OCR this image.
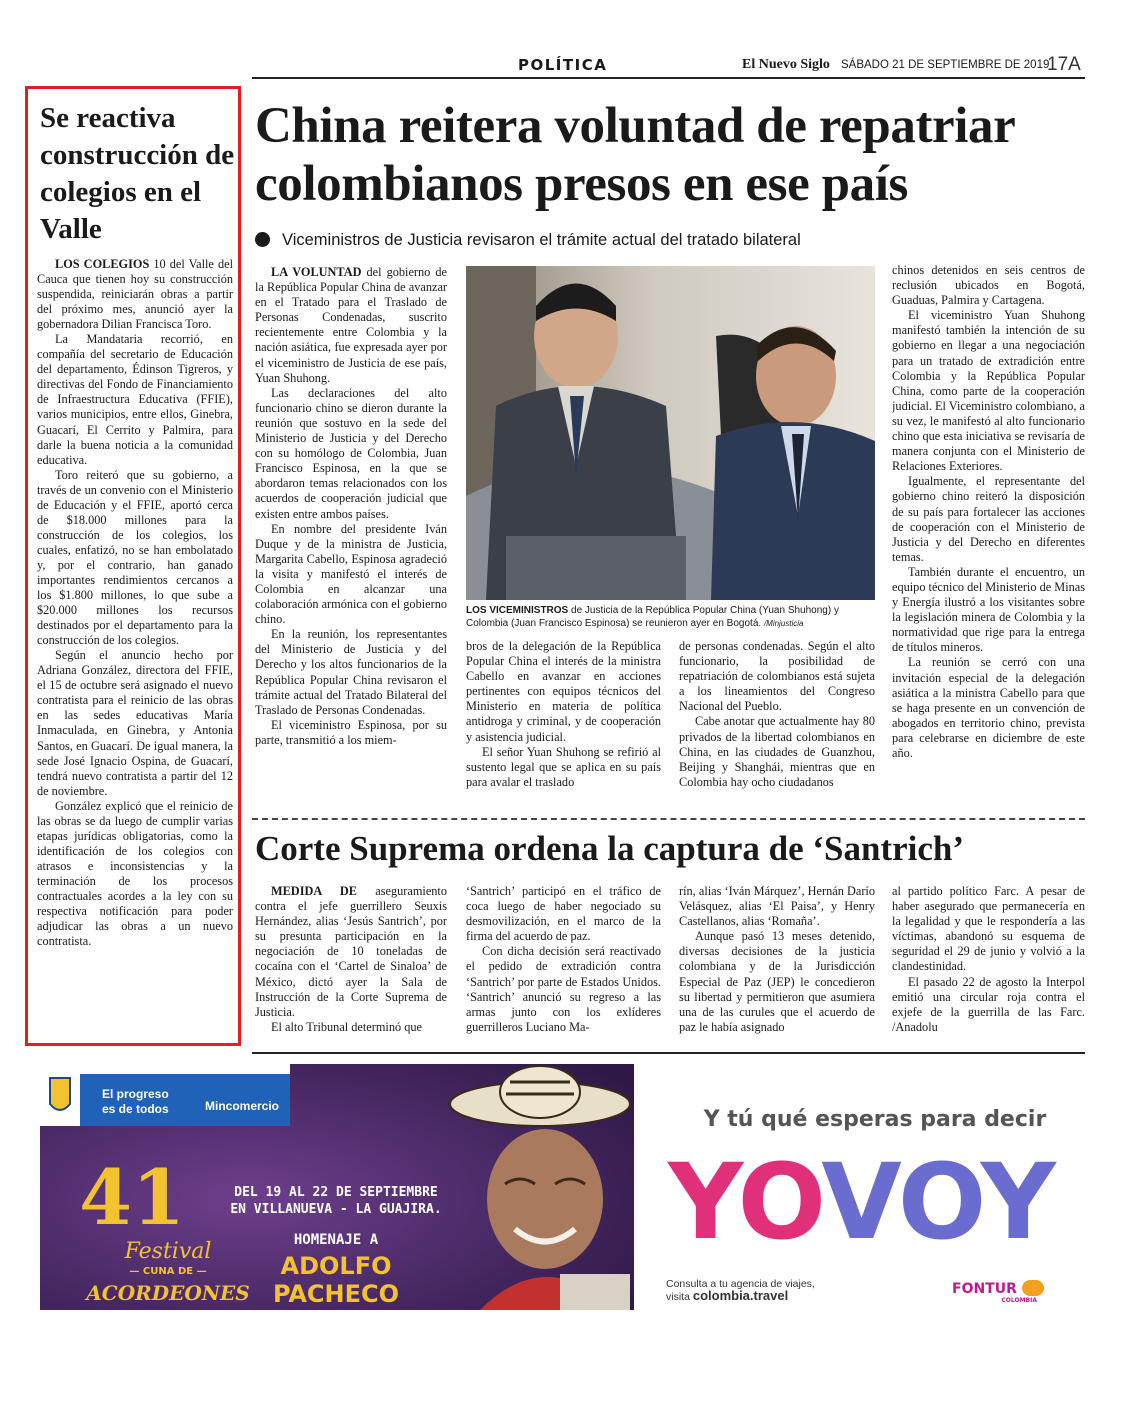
POLÍTICA	El Nuevo Siglo SÁBADO 21 DE SEPTIEMBRE DE 2019
17A
Se reactiva construcción de colegios en el Valle

LOS COLEGIOS 10 del Valle del Cauca que tienen hoy su construcción suspendida, reiniciarán obras a partir del próximo mes, anunció ayer la gobernadora Dilian Francisca Toro.

La Mandataria recorrió, en compañía del secretario de Educación del departamento, Édinson Tigreros, y directivas del Fondo de Financiamiento de Infraestructura Educativa (FFIE), varios municipios, entre ellos, Ginebra, Guacarí, El Cerrito y Palmira, para darle la buena noticia a la comunidad educativa.

Toro reiteró que su gobierno, a través de un convenio con el Ministerio de Educación y el FFIE, aportó cerca de $18.000 millones para la construcción de los colegios, los cuales, enfatizó, no se han embolatado y, por el contrario, han ganado importantes rendimientos cercanos a los $1.800 millones, lo que sube a $20.000 millones los recursos destinados por el departamento para la construcción de los colegios.

Según el anuncio hecho por Adriana González, directora del FFIE, el 15 de octubre será asignado el nuevo contratista para el reinicio de las obras en las sedes educativas María Inmaculada, en Ginebra, y Antonia Santos, en Guacarí. De igual manera, la sede José Ignacio Ospina, de Guacarí, tendrá nuevo contratista a partir del 12 de noviembre.

González explicó que el reinicio de las obras se da luego de cumplir varias etapas jurídicas obligatorias, como la identificación de los colegios con atrasos e inconsistencias y la terminación de los procesos contractuales acordes a la ley con su respectiva notificación para poder adjudicar las obras a un nuevo contratista.

China reitera voluntad de repatriar colombianos presos en ese país
Viceministros de Justicia revisaron el trámite actual del tratado bilateral

LA VOLUNTAD del gobierno de la República Popular China de avanzar en el Tratado para el Traslado de Personas Condenadas, suscrito recientemente entre Colombia y la nación asiática, fue expresada ayer por el viceministro de Justicia de ese país, Yuan Shuhong.

Las declaraciones del alto funcionario chino se dieron durante la reunión que sostuvo en la sede del Ministerio de Justicia y del Derecho con su homólogo de Colombia, Juan Francisco Espinosa, en la que se abordaron temas relacionados con los acuerdos de cooperación judicial que existen entre ambos países.

En nombre del presidente Iván Duque y de la ministra de Justicia, Margarita Cabello, Espinosa agradeció la visita y manifestó el interés de Colombia en alcanzar una colaboración armónica con el gobierno chino.

En la reunión, los representantes del Ministerio de Justicia y del Derecho y los altos funcionarios de la República Popular China revisaron el trámite actual del Tratado Bilateral del Traslado de Personas Condenadas.

El viceministro Espinosa, por su parte, transmitió a los miem-

LOS VICEMINISTROS de Justicia de la República Popular China (Yuan Shuhong) y Colombia (Juan Francisco Espinosa) se reunieron ayer en Bogotá. /Minjusticia

bros de la delegación de la República Popular China el interés de la ministra Cabello en avanzar en acciones pertinentes con equipos técnicos del Ministerio en materia de política antidroga y criminal, y de cooperación y asistencia judicial.

El señor Yuan Shuhong se refirió al sustento legal que se aplica en su país para avalar el traslado

de personas condenadas. Según el alto funcionario, la posibilidad de repatriación de colombianos está sujeta a los lineamientos del Congreso Nacional del Pueblo.

Cabe anotar que actualmente hay 80 privados de la libertad colombianos en China, en las ciudades de Guanzhou, Beijing y Shanghái, mientras que en Colombia hay ocho ciudadanos

chinos detenidos en seis centros de reclusión ubicados en Bogotá, Guaduas, Palmira y Cartagena.

El viceministro Yuan Shuhong manifestó también la intención de su gobierno en llegar a una negociación para un tratado de extradición entre Colombia y la República Popular China, como parte de la cooperación judicial. El Viceministro colombiano, a su vez, le manifestó al alto funcionario chino que esta iniciativa se revisaría de manera conjunta con el Ministerio de Relaciones Exteriores.

Igualmente, el representante del gobierno chino reiteró la disposición de su país para fortalecer las acciones de cooperación con el Ministerio de Justicia y del Derecho en diferentes temas.

También durante el encuentro, un equipo técnico del Ministerio de Minas y Energía ilustró a los visitantes sobre la legislación minera de Colombia y la normatividad que rige para la entrega de títulos mineros.

La reunión se cerró con una invitación especial de la delegación asiática a la ministra Cabello para que se haga presente en un convención de abogados en territorio chino, prevista para celebrarse en diciembre de este año.

Corte Suprema ordena la captura de ‘Santrich’

MEDIDA DE aseguramiento contra el jefe guerrillero Seuxis Hernández, alias ‘Jesús Santrich’, por su presunta participación en la negociación de 10 toneladas de cocaína con el ‘Cartel de Sinaloa’ de México, dictó ayer la Sala de Instrucción de la Corte Suprema de Justicia.

El alto Tribunal determinó que

‘Santrich’ participó en el tráfico de coca luego de haber negociado su desmovilización, en el marco de la firma del acuerdo de paz.

Con dicha decisión será reactivado el pedido de extradición contra ‘Santrich’ por parte de Estados Unidos. ‘Santrich’ anunció su regreso a las armas junto con los exlíderes guerrilleros Luciano Ma-

rín, alias ‘Iván Márquez’, Hernán Darío Velásquez, alias ‘El Paisa’, y Henry Castellanos, alias ‘Romaña’.

Aunque pasó 13 meses detenido, diversas decisiones de la justicia colombiana y de la Jurisdicción Especial de Paz (JEP) le concedieron su libertad y permitieron que asumiera una de las curules que el acuerdo de paz le había asignado

al partido político Farc. A pesar de haber asegurado que permanecería en la legalidad y que le respondería a las víctimas, abandonó su esquema de seguridad el 29 de junio y volvió a la clandestinidad.

El pasado 22 de agosto la Interpol emitió una circular roja contra el exjefe de la guerrilla de las Farc. /Anadolu

El progreso
es de todos	Mincomercio
41
Festival
— CUNA DE —
ACORDEONES
DEL 19 AL 22 DE SEPTIEMBRE
EN VILLANUEVA - LA GUAJIRA.
HOMENAJE A
ADOLFO
PACHECO
Y tú qué esperas para decir
YOVOY
Consulta a tu agencia de viajes,
visita colombia.travel	FONTUR
COLOMBIA
